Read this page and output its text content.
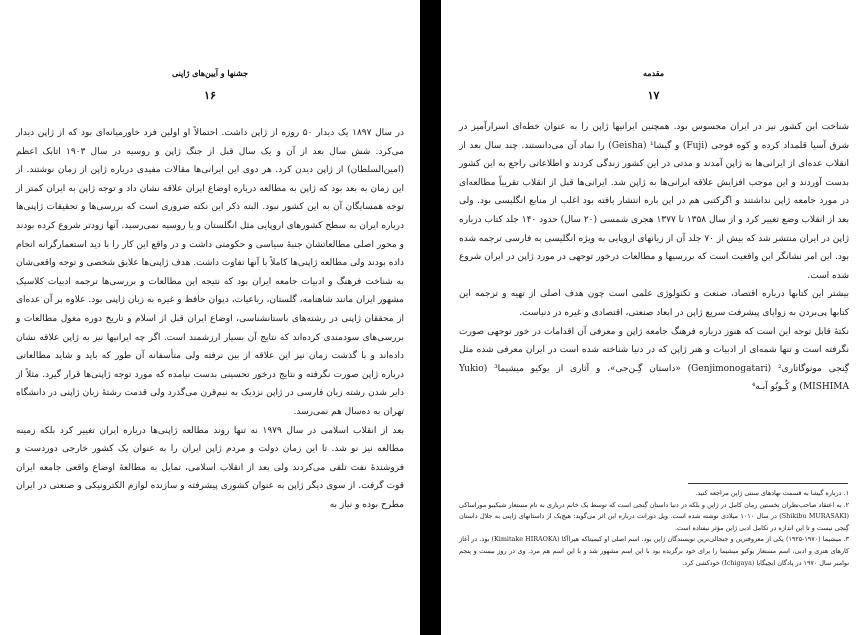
جشنها و آیین‌های ژاپنی
۱۶

در سال ۱۸۹۷ یک دیدار ۵۰ روزه از ژاپن داشت. احتمالاً او اولین فرد خاورمیانه‌ای بود که از ژاپن دیدار می‌کرد. شش سال بعد از آن و یک سال قبل از جنگ ژاپن و روسیه در سال ۱۹۰۳ اتابک اعظم (امین‌السلطان) از ژاپن دیدن کرد. هر دوی این ایرانی‌ها مقالات مفیدی درباره ژاپن از زمان نوشتند. از این زمان به بعد بود که ژاپن به مطالعه درباره اوضاع ایران علاقه نشان داد و توجه ژاپن به ایران کمتر از توجه همسایگان آن به این کشور نبود. البته ذکر این نکته ضروری است که بررسی‌ها و تحقیقات ژاپنی‌ها درباره ایران به سطح کشورهای اروپایی مثل انگلستان و یا روسیه نمی‌رسید. آنها زودتر شروع کرده بودند و محور اصلی مطالعاتشان جنبهٔ سیاسی و حکومتی داشت و در واقع این کار را با دید استعمارگرانه انجام داده بودند ولی مطالعه ژاپنی‌ها کاملاً با آنها تفاوت داشت. هدف ژاپنی‌ها علایق شخصی و توجه واقعی‌شان به شناخت فرهنگ و ادبیات جامعه ایران بود که نتیجه این مطالعات و بررسی‌ها ترجمه ادبیات کلاسیک مشهور ایران مانند شاهنامه، گلستان، رباعیات، دیوان حافظ و غیره به زبان ژاپنی بود. علاوه بر آن عده‌ای از محققان ژاپنی در رشته‌های باستانشناسی، اوضاع ایران قبل از اسلام و تاریخ دوره مغول مطالعات و بررسی‌های سودمندی کرده‌اند که نتایج آن بسیار ارزشمند است. اگر چه ایرانیها نیز به ژاپن علاقه نشان داده‌اند و با گذشت زمان نیز این علاقه از بین نرفته ولی متأسفانه آن طور که باید و شاید مطالعاتی درباره ژاپن صورت نگرفته و نتایج درخور تحسینی بدست نیامده که مورد توجه ژاپنی‌ها قرار گیرد. مثلاً از دایر شدن رشته زبان فارسی در ژاپن نزدیک به نیم‌قرن می‌گذرد ولی قدمت رشتهٔ زبان ژاپنی در دانشگاه تهران به ده‌سال هم نمی‌رسد.

بعد از انقلاب اسلامی در سال ۱۹۷۹ نه تنها روند مطالعه ژاپنی‌ها درباره ایران تغییر کرد بلکه زمینه مطالعه نیز نو شد. تا این زمان دولت و مردم ژاپن ایران را به عنوان یک کشور خارجی دوردست و فروشندهٔ نفت تلقی می‌کردند ولی بعد از انقلاب اسلامی، تمایل به مطالعهٔ اوضاع واقعی جامعه ایران قوت گرفت. از سوی دیگر ژاپن به عنوان کشوری پیشرفته و سازنده لوازم الکترونیکی و صنعتی در ایران مطرح بوده و نیاز به

مقدمه
۱۷

شناخت این کشور نیز در ایران محسوس بود. همچنین ایرانیها ژاپن را به عنوان خطه‌ای اسرارآمیز در شرق آسیا قلمداد کرده و کوه فوجی (Fuji) و گیشا¹ (Geisha) را نماد آن می‌دانستند. چند سال بعد از انقلاب عده‌ای از ایرانی‌ها به ژاپن آمدند و مدتی در این کشور زندگی کردند و اطلاعاتی راجع به این کشور بدست آوردند و این موجب افزایش علاقه ایرانی‌ها به ژاپن شد. ایرانی‌ها قبل از انقلاب تقریباً مطالعه‌ای در مورد جامعه ژاپن نداشتند و اگرکتبی هم در این باره انتشار یافته بود اغلب از منابع انگلیسی بود. ولی بعد از انقلاب وضع تغییر کرد و از سال ۱۳۵۸ تا ۱۳۷۷ هجری شمسی (۲۰ سال) حدود ۱۴۰ جلد کتاب درباره ژاپن در ایران منتشر شد که بیش از ۷۰ جلد آن از زبانهای اروپایی به ویژه انگلیسی به فارسی ترجمه شده بود. این امر نشانگر این واقعیت است که بررسیها و مطالعات درخور توجهی در مورد ژاپن در ایران شروع شده است.

بیشتر این کتابها درباره اقتصاد، صنعت و تکنولوژی علمی است چون هدف اصلی از تهیه و ترجمه این کتابها پی‌بردن به زوایای پیشرفت سریع ژاپن در ابعاد صنعتی، اقتصادی و غیره در دنیاست.

نکتهٔ قابل توجه این است که هنوز درباره فرهنگ جامعه ژاپن و معرفی آن اقدامات در خور توجهی صورت نگرفته است و تنها شمه‌ای از ادبیات و هنر ژاپن که در دنیا شناخته شده است در ایران معرفی شده مثل گِنجی مونوگاتاری² (Genjimonogatari) «داستان گِـن‌جی»، و آثاری از یوکیو میشیما³ (Yukio MISHIMA) و کُـوبُو آبـه⁴

۱. درباره گیشا به قسمت نهادهای سنتی ژاپن مراجعه کنید.

۲. به اعتقاد صاحب‌نظران نخستین رمان کامل در ژاپن و بلکه در دنیا داستان گِنجی است که توسط یک خانم درباری به نام مستعار شیکیبو موراساکی (Shikibu MURASAKI) در سال ۱۰۱۰ میلادی نوشته شده است. ویل دورانت درباره این اثر می‌گوید: هیچ‌یک از داستانهای ژاپنی به جلال داستان گِنجی نیست و تا این اندازه در تکامل ادبی ژاپن مؤثر نیفتاده است.

۳. میشیما (۱۹۷۰-۱۹۲۵) یکی از معروفترین و جنجالی‌ترین نویسندگان ژاپن بود. اسم اصلی او کیمیتاکه هیراآکا (Kimitake HIRAOKA) بود. در آغاز کارهای هنری و ادبی، اسم مستعار یوکیو میشیما را برای خود برگزیده بود با این اسم مشهور شد و با این اسم هم مرد. وی در روز بیست و پنجم نوامبر سال ۱۹۷۰ در پادگان ایچیگایا (Ichigaya) خودکشی کرد.
